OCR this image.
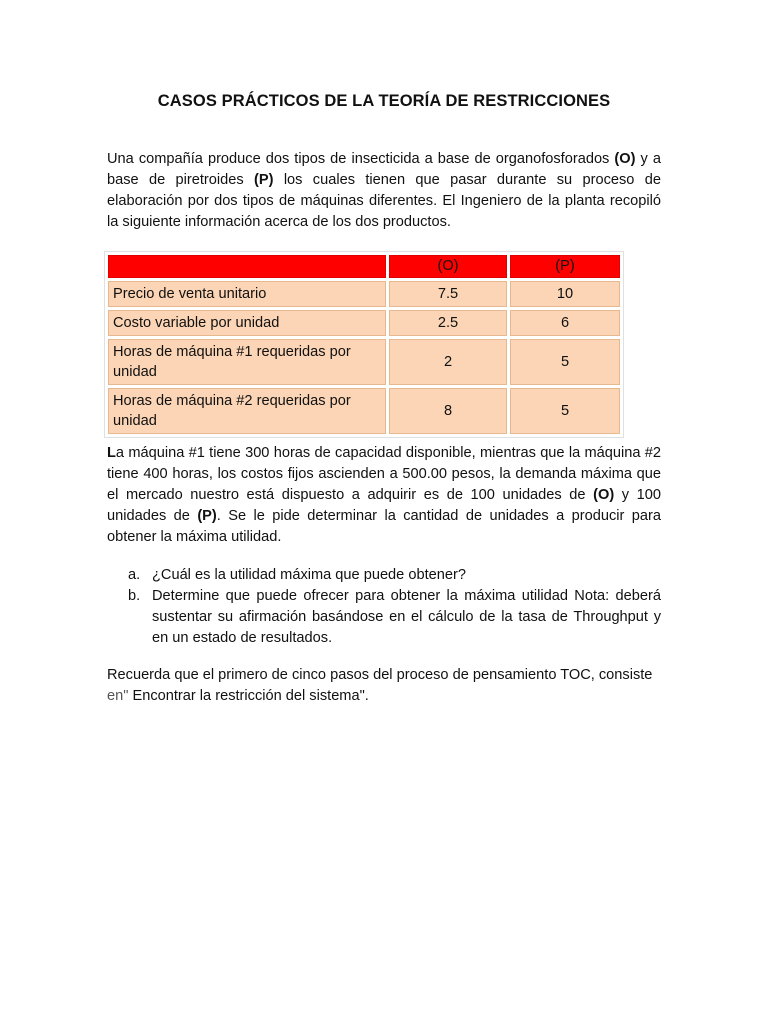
CASOS PRÁCTICOS DE LA TEORÍA DE RESTRICCIONES

Una compañía produce dos tipos de insecticida a base de organofosforados (O) y a base de piretroides (P) los cuales tienen que pasar durante su proceso de elaboración por dos tipos de máquinas diferentes. El Ingeniero de la planta recopiló la siguiente información acerca de los dos productos.

	(O)	(P)
Precio de venta unitario	7.5	10
Costo variable por unidad	2.5	6
Horas de máquina #1 requeridas por unidad	2	5
Horas de máquina #2 requeridas por unidad	8	5

La máquina #1 tiene 300 horas de capacidad disponible, mientras que la máquina #2 tiene 400 horas, los costos fijos ascienden a 500.00 pesos, la demanda máxima que el mercado nuestro está dispuesto a adquirir es de 100 unidades de (O) y 100 unidades de (P). Se le pide determinar la cantidad de unidades a producir para obtener la máxima utilidad.

a. ¿Cuál es la utilidad máxima que puede obtener?
b. Determine que puede ofrecer para obtener la máxima utilidad Nota: deberá sustentar su afirmación basándose en el cálculo de la tasa de Throughput y en un estado de resultados.

Recuerda que el primero de cinco pasos del proceso de pensamiento TOC, consiste en" Encontrar la restricción del sistema".
